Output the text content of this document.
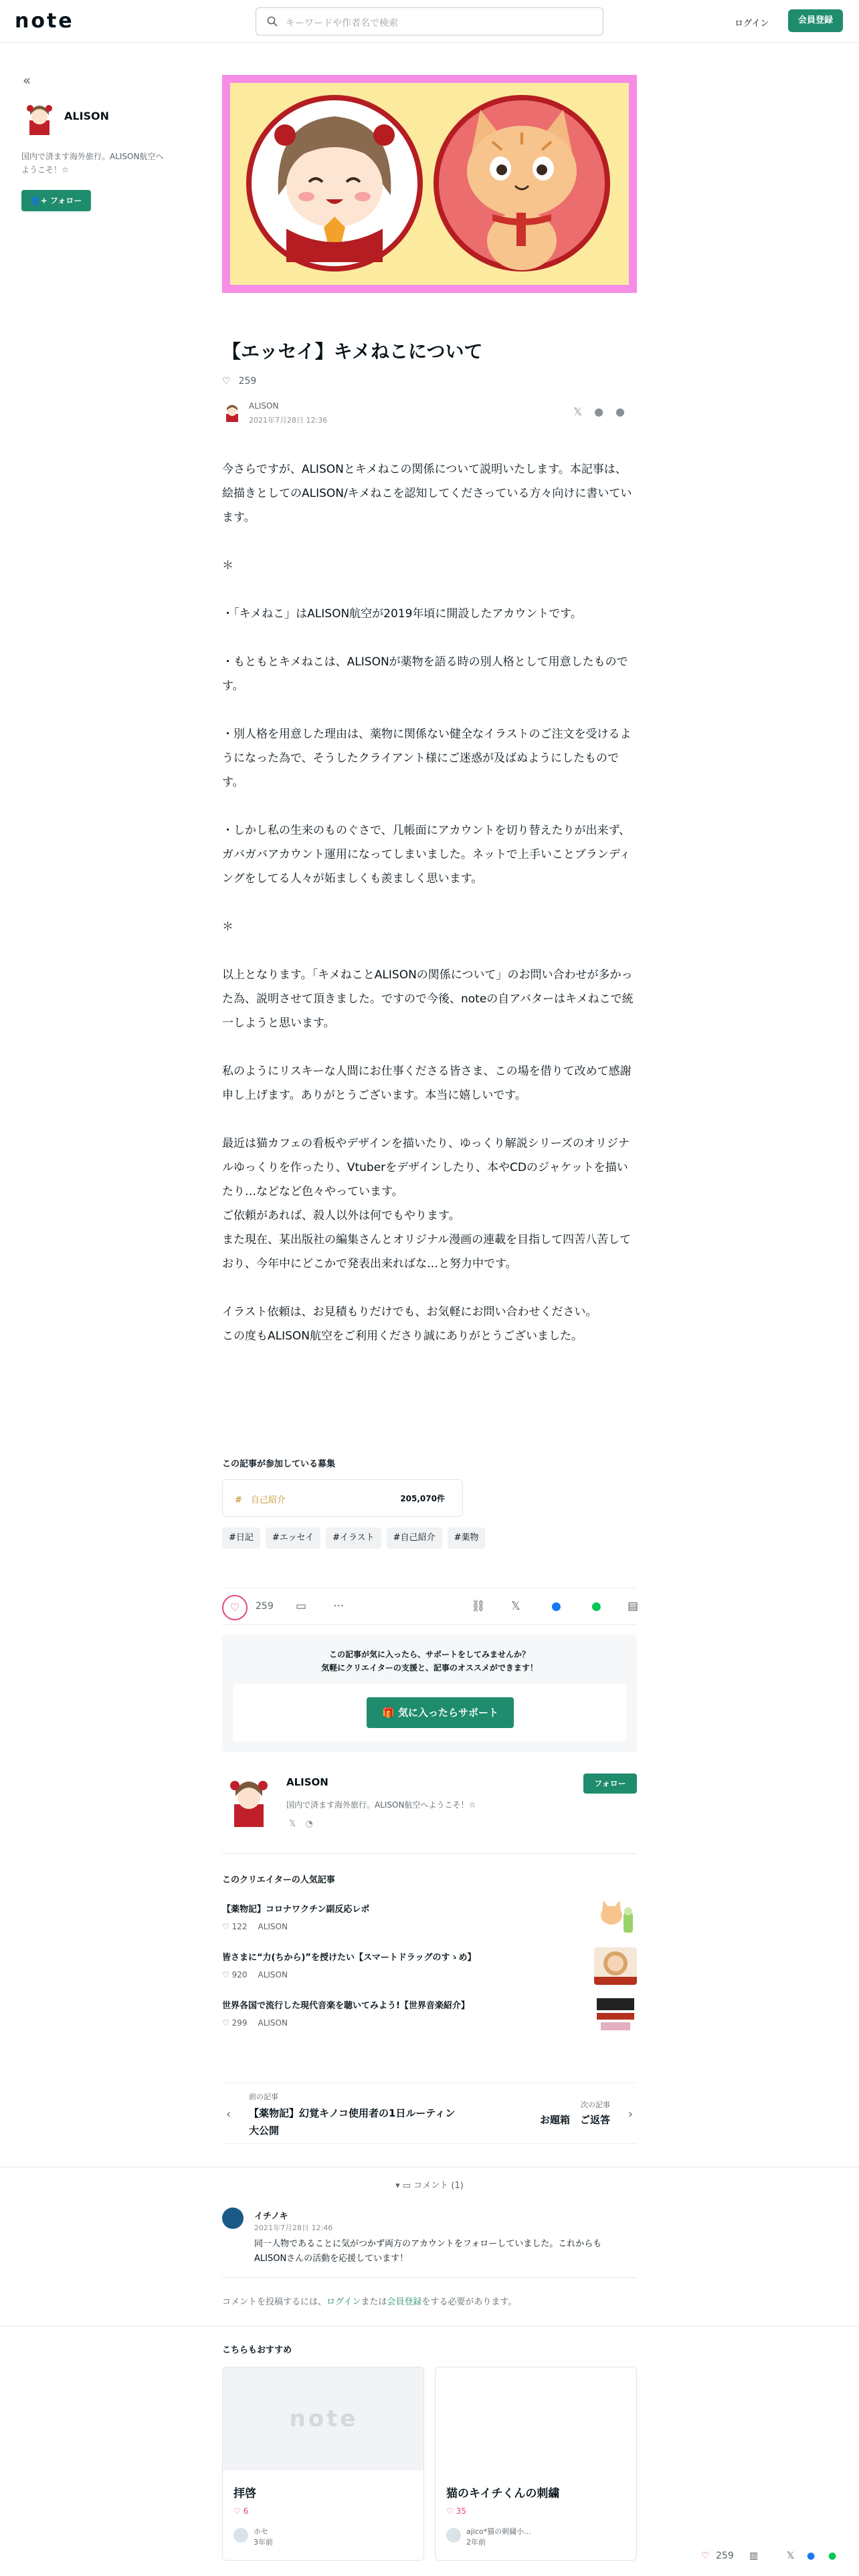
note	キーワードや作者名で検索	ログイン	会員登録
«
ALISON
国内で済ます海外旅行。ALISON航空へようこそ！☆
👤+ フォロー
【エッセイ】キメねこについて
♡ 259
ALISON
2021年7月28日 12:36
𝕏●●

今さらですが、ALISONとキメねこの関係について説明いたします。本記事は、絵描きとしてのALISON/キメねこを認知してくださっている方々向けに書いています。

＊

・「キメねこ」はALISON航空が2019年頃に開設したアカウントです。

・もともとキメねこは、ALISONが薬物を語る時の別人格として用意したものです。

・別人格を用意した理由は、薬物に関係ない健全なイラストのご注文を受けるようになった為で、そうしたクライアント様にご迷惑が及ばぬようにしたものです。

・しかし私の生来のものぐさで、几帳面にアカウントを切り替えたりが出来ず、ガバガバアカウント運用になってしまいました。ネットで上手いことブランディングをしてる人々が妬ましくも羨ましく思います。

＊

以上となります。「キメねことALISONの関係について」のお問い合わせが多かった為、説明させて頂きました。ですので今後、noteの自アバターはキメねこで統一しようと思います。

私のようにリスキーな人間にお仕事くださる皆さま、この場を借りて改めて感謝申し上げます。ありがとうございます。本当に嬉しいです。

最近は猫カフェの看板やデザインを描いたり、ゆっくり解説シリーズのオリジナルゆっくりを作ったり、Vtuberをデザインしたり、本やCDのジャケットを描いたり…などなど色々やっています。
ご依頼があれば、殺人以外は何でもやります。
また現在、某出版社の編集さんとオリジナル漫画の連載を目指して四苦八苦しており、今年中にどこかで発表出来ればな…と努力中です。

イラスト依頼は、お見積もりだけでも、お気軽にお問い合わせください。
この度もALISON航空をご利用くださり誠にありがとうございました。

この記事が参加している募集
#　自己紹介	205,070件
#日記 #エッセイ #イラスト #自己紹介 #薬物
♡	259 ▭ ···	⛓ 𝕏	●	● ▤
この記事が気に入ったら、サポートをしてみませんか？
気軽にクリエイターの支援と、記事のオススメができます！
🎁 気に入ったらサポート
ALISON
国内で済ます海外旅行。ALISON航空へようこそ！☆
𝕏◔
フォロー
このクリエイターの人気記事
【薬物記】コロナワクチン副反応レポ
♡ 122 ALISON
皆さまに“力(ちから)”を授けたい【スマートドラッグのすゝめ】
♡ 920 ALISON
世界各国で流行した現代音楽を聴いてみよう!【世界音楽紹介】
♡ 299 ALISON
‹
前の記事
【薬物記】幻覚キノコ使用者の1日ルーティン大公開
次の記事
お題箱　ご返答 ›
▾ ▭ コメント (1)
イチノキ
2021年7月28日 12:46
同一人物であることに気がつかず両方のアカウントをフォローしていました。これからもALISONさんの活動を応援しています！
コメントを投稿するには、ログインまたは会員登録をする必要があります。
こちらもおすすめ
note
拝啓
♡ 6
ホセ
3年前
猫のキイチくんの刺繍
♡ 35
ajico*猫の刺繍小...
2年前
♡ 259 ▥	𝕏 ● ●
